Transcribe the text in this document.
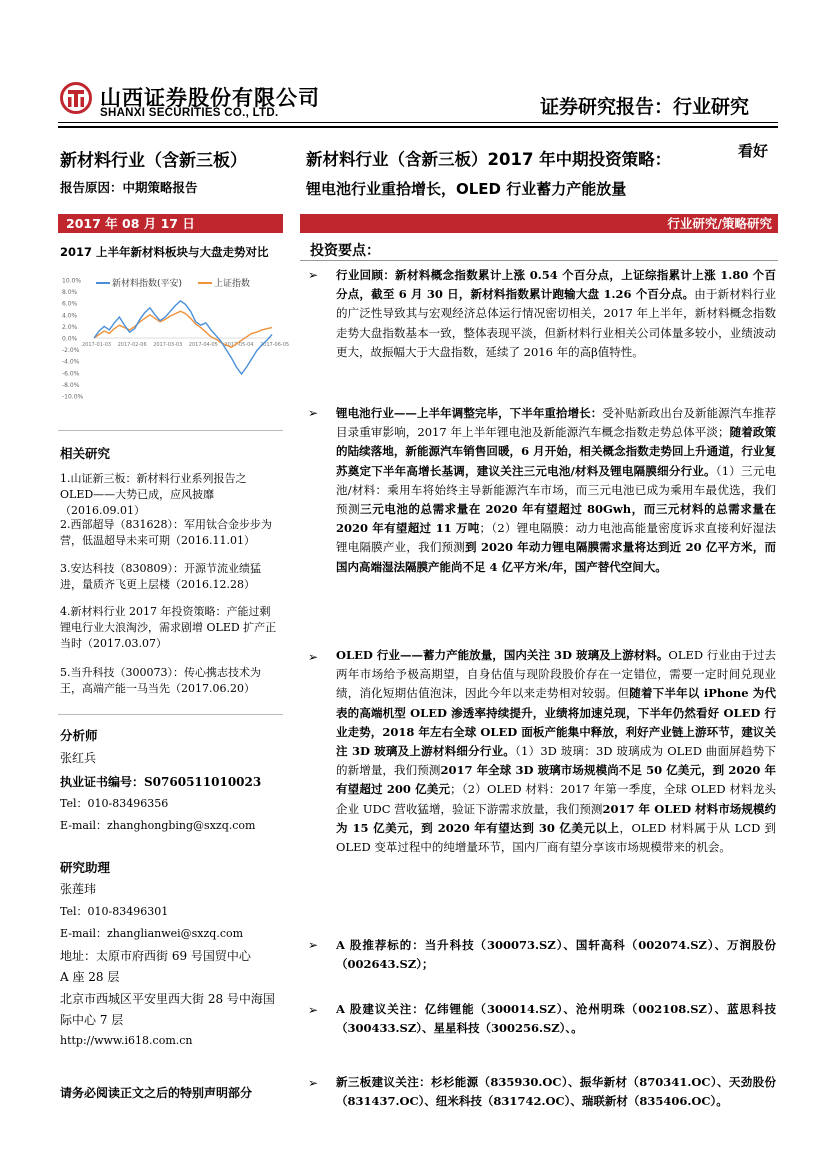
山西证券股份有限公司
SHANXI SECURITIES CO., LTD.	证券研究报告：行业研究
新材料行业（含新三板）
报告原因：中期策略报告
2017 年 08 月 17 日
2017 上半年新材料板块与大盘走势对比
10.0%
8.0%
6.0%
4.0%
2.0%
0.0%
-2.0%
-4.0%
-6.0%
-8.0%
-10.0%
2017-01-03 2017-02-06 2017-03-03 2017-04-05 2017-05-04 2017-06-05
新材料指数(平安)	上证指数
相关研究
1.山证新三板：新材料行业系列报告之 OLED——大势已成，应风披靡（2016.09.01）
2.西部超导（831628）：军用钛合金步步为营，低温超导未来可期（2016.11.01）
3.安达科技（830809）：开源节流业绩猛进，量质齐飞更上层楼（2016.12.28）
4.新材料行业 2017 年投资策略：产能过剩锂电行业大浪淘沙，需求剧增 OLED 扩产正当时（2017.03.07）
5.当升科技（300073）：传心携志技术为王，高端产能一马当先（2017.06.20）
分析师
张红兵
执业证书编号：S0760511010023
Tel：010-83496356
E-mail：zhanghongbing@sxzq.com
研究助理
张莲玮
Tel：010-83496301
E-mail：zhanglianwei@sxzq.com
地址：太原市府西街 69 号国贸中心
A 座 28 层
北京市西城区平安里西大街 28 号中海国
际中心 7 层
http://www.i618.com.cn
请务必阅读正文之后的特别声明部分
新材料行业（含新三板）2017 年中期投资策略：	看好
锂电池行业重拾增长，OLED 行业蓄力产能放量
行业研究/策略研究
投资要点：
➢ 行业回顾：新材料概念指数累计上涨 0.54 个百分点，上证综指累计上涨 1.80 个百分点，截至 6 月 30 日，新材料指数累计跑输大盘 1.26 个百分点。由于新材料行业的广泛性导致其与宏观经济总体运行情况密切相关，2017 年上半年，新材料概念指数走势大盘指数基本一致，整体表现平淡，但新材料行业相关公司体量多较小，业绩波动更大，故振幅大于大盘指数，延续了 2016 年的高β值特性。
➢ 锂电池行业——上半年调整完毕，下半年重拾增长：受补贴新政出台及新能源汽车推荐目录重审影响，2017 年上半年锂电池及新能源汽车概念指数走势总体平淡；随着政策的陆续落地，新能源汽车销售回暖，6 月开始，相关概念指数走势回上升通道，行业复苏奠定下半年高增长基调，建议关注三元电池/材料及锂电隔膜细分行业。（1）三元电池/材料：乘用车将始终主导新能源汽车市场，而三元电池已成为乘用车最优选，我们预测三元电池的总需求量在 2020 年有望超过 80Gwh，而三元材料的总需求量在 2020 年有望超过 11 万吨；（2）锂电隔膜：动力电池高能量密度诉求直接利好湿法锂电隔膜产业，我们预测到 2020 年动力锂电隔膜需求量将达到近 20 亿平方米，而国内高端湿法隔膜产能尚不足 4 亿平方米/年，国产替代空间大。
➢ OLED 行业——蓄力产能放量，国内关注 3D 玻璃及上游材料。OLED 行业由于过去两年市场给予极高期望，自身估值与现阶段股价存在一定错位，需要一定时间兑现业绩，消化短期估值泡沫，因此今年以来走势相对较弱。但随着下半年以 iPhone 为代表的高端机型 OLED 渗透率持续提升，业绩将加速兑现，下半年仍然看好 OLED 行业走势，2018 年左右全球 OLED 面板产能集中释放，利好产业链上游环节，建议关注 3D 玻璃及上游材料细分行业。（1）3D 玻璃：3D 玻璃成为 OLED 曲面屏趋势下的新增量，我们预测2017 年全球 3D 玻璃市场规模尚不足 50 亿美元，到 2020 年有望超过 200 亿美元；（2）OLED 材料：2017 年第一季度，全球 OLED 材料龙头企业 UDC 营收猛增，验证下游需求放量，我们预测2017 年 OLED 材料市场规模约为 15 亿美元，到 2020 年有望达到 30 亿美元以上，OLED 材料属于从 LCD 到 OLED 变革过程中的纯增量环节，国内厂商有望分享该市场规模带来的机会。
➢ A 股推荐标的：当升科技（300073.SZ）、国轩高科（002074.SZ）、万润股份（002643.SZ）；
➢ A 股建议关注：亿纬锂能（300014.SZ）、沧州明珠（002108.SZ）、蓝思科技（300433.SZ）、星星科技（300256.SZ）、。
➢ 新三板建议关注：杉杉能源（835930.OC）、振华新材（870341.OC）、天劲股份（831437.OC）、纽米科技（831742.OC）、瑞联新材（835406.OC）。
